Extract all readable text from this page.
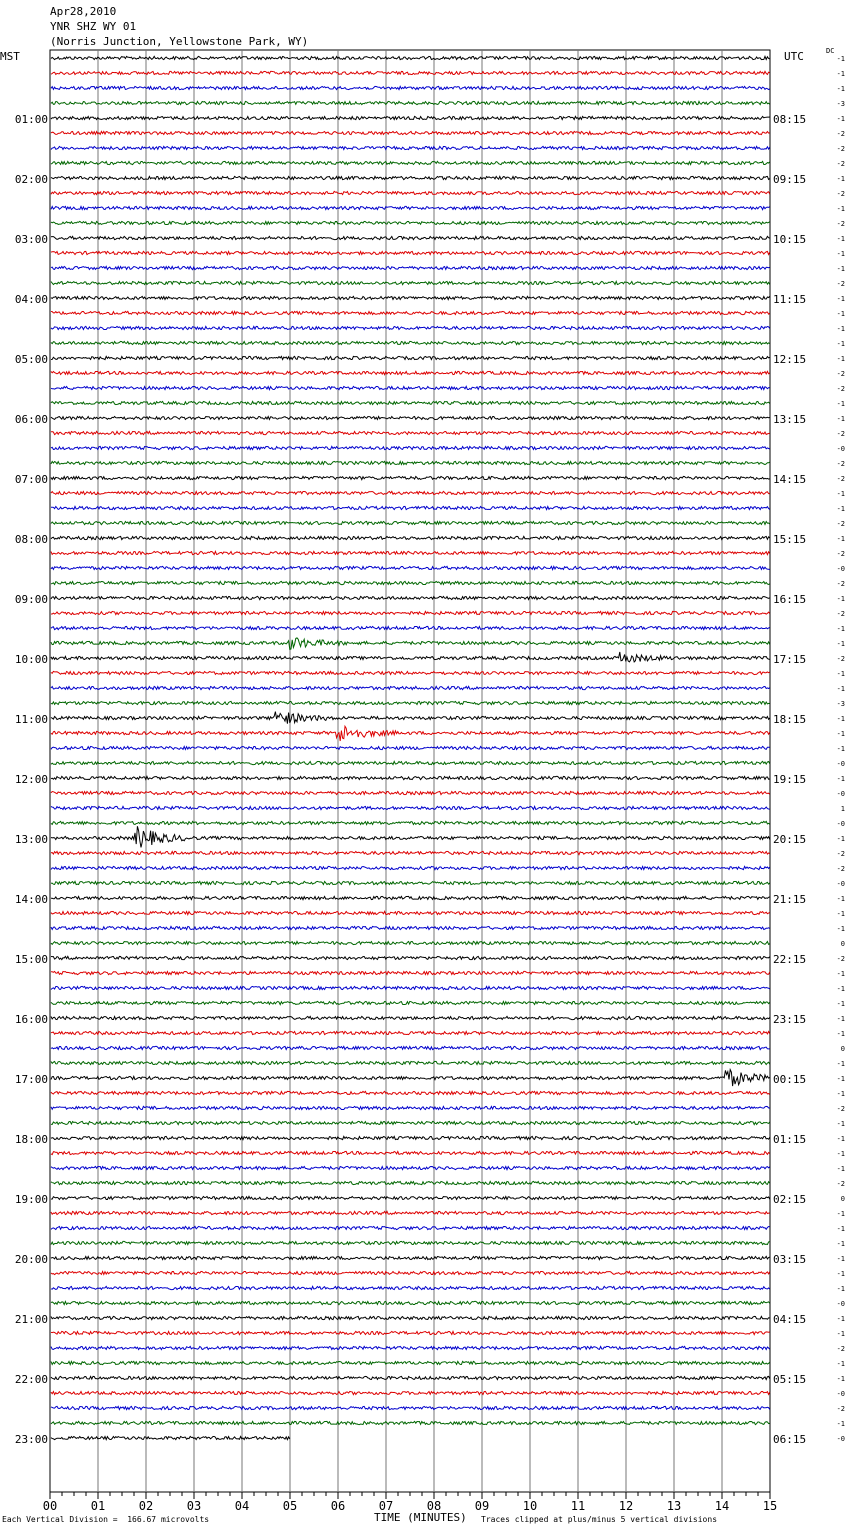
Apr28,2010
YNR SHZ WY 01
(Norris Junction, Yellowstone Park, WY)
MST	UTC	DC
00	01	02	03	04	05	06	07	08	09	10	11	12	13	14	15
-1
-1
-1
-3
-1
-2
-2
-2
-1
-2
-1
-2
-1
-1
-1
-2
-1
-1
-1
-1
-1
-2
-2
-1
-1
-2
-0
-2
-2
-1
-1
-2
-1
-2
-0
-2
-1
-2
-1
-1
-2
-1
-1
-3
-1
-1
-1
-0
-1
-0
1
-0
-1
-2
-2
-0
-1
-1
-1
0
-2
-1
-1
-1
-1
-1
0
-1
-1
-1
-2
-1
-1
-1
-1
-2
0
-1
-1
-1
-1
-1
-1
-0
-1
-1
-2
-1
-1
-0
-2
-1
-0
01:00	08:15
02:00	09:15
03:00	10:15
04:00	11:15
05:00	12:15
06:00	13:15
07:00	14:15
08:00	15:15
09:00	16:15
10:00	17:15
11:00	18:15
12:00	19:15
13:00	20:15
14:00	21:15
15:00	22:15
16:00	23:15
17:00	00:15
18:00	01:15
19:00	02:15
20:00	03:15
21:00	04:15
22:00	05:15
23:00	06:15
Each Vertical Division =  166.67 microvolts	TIME (MINUTES) Traces clipped at plus/minus 5 vertical divisions
